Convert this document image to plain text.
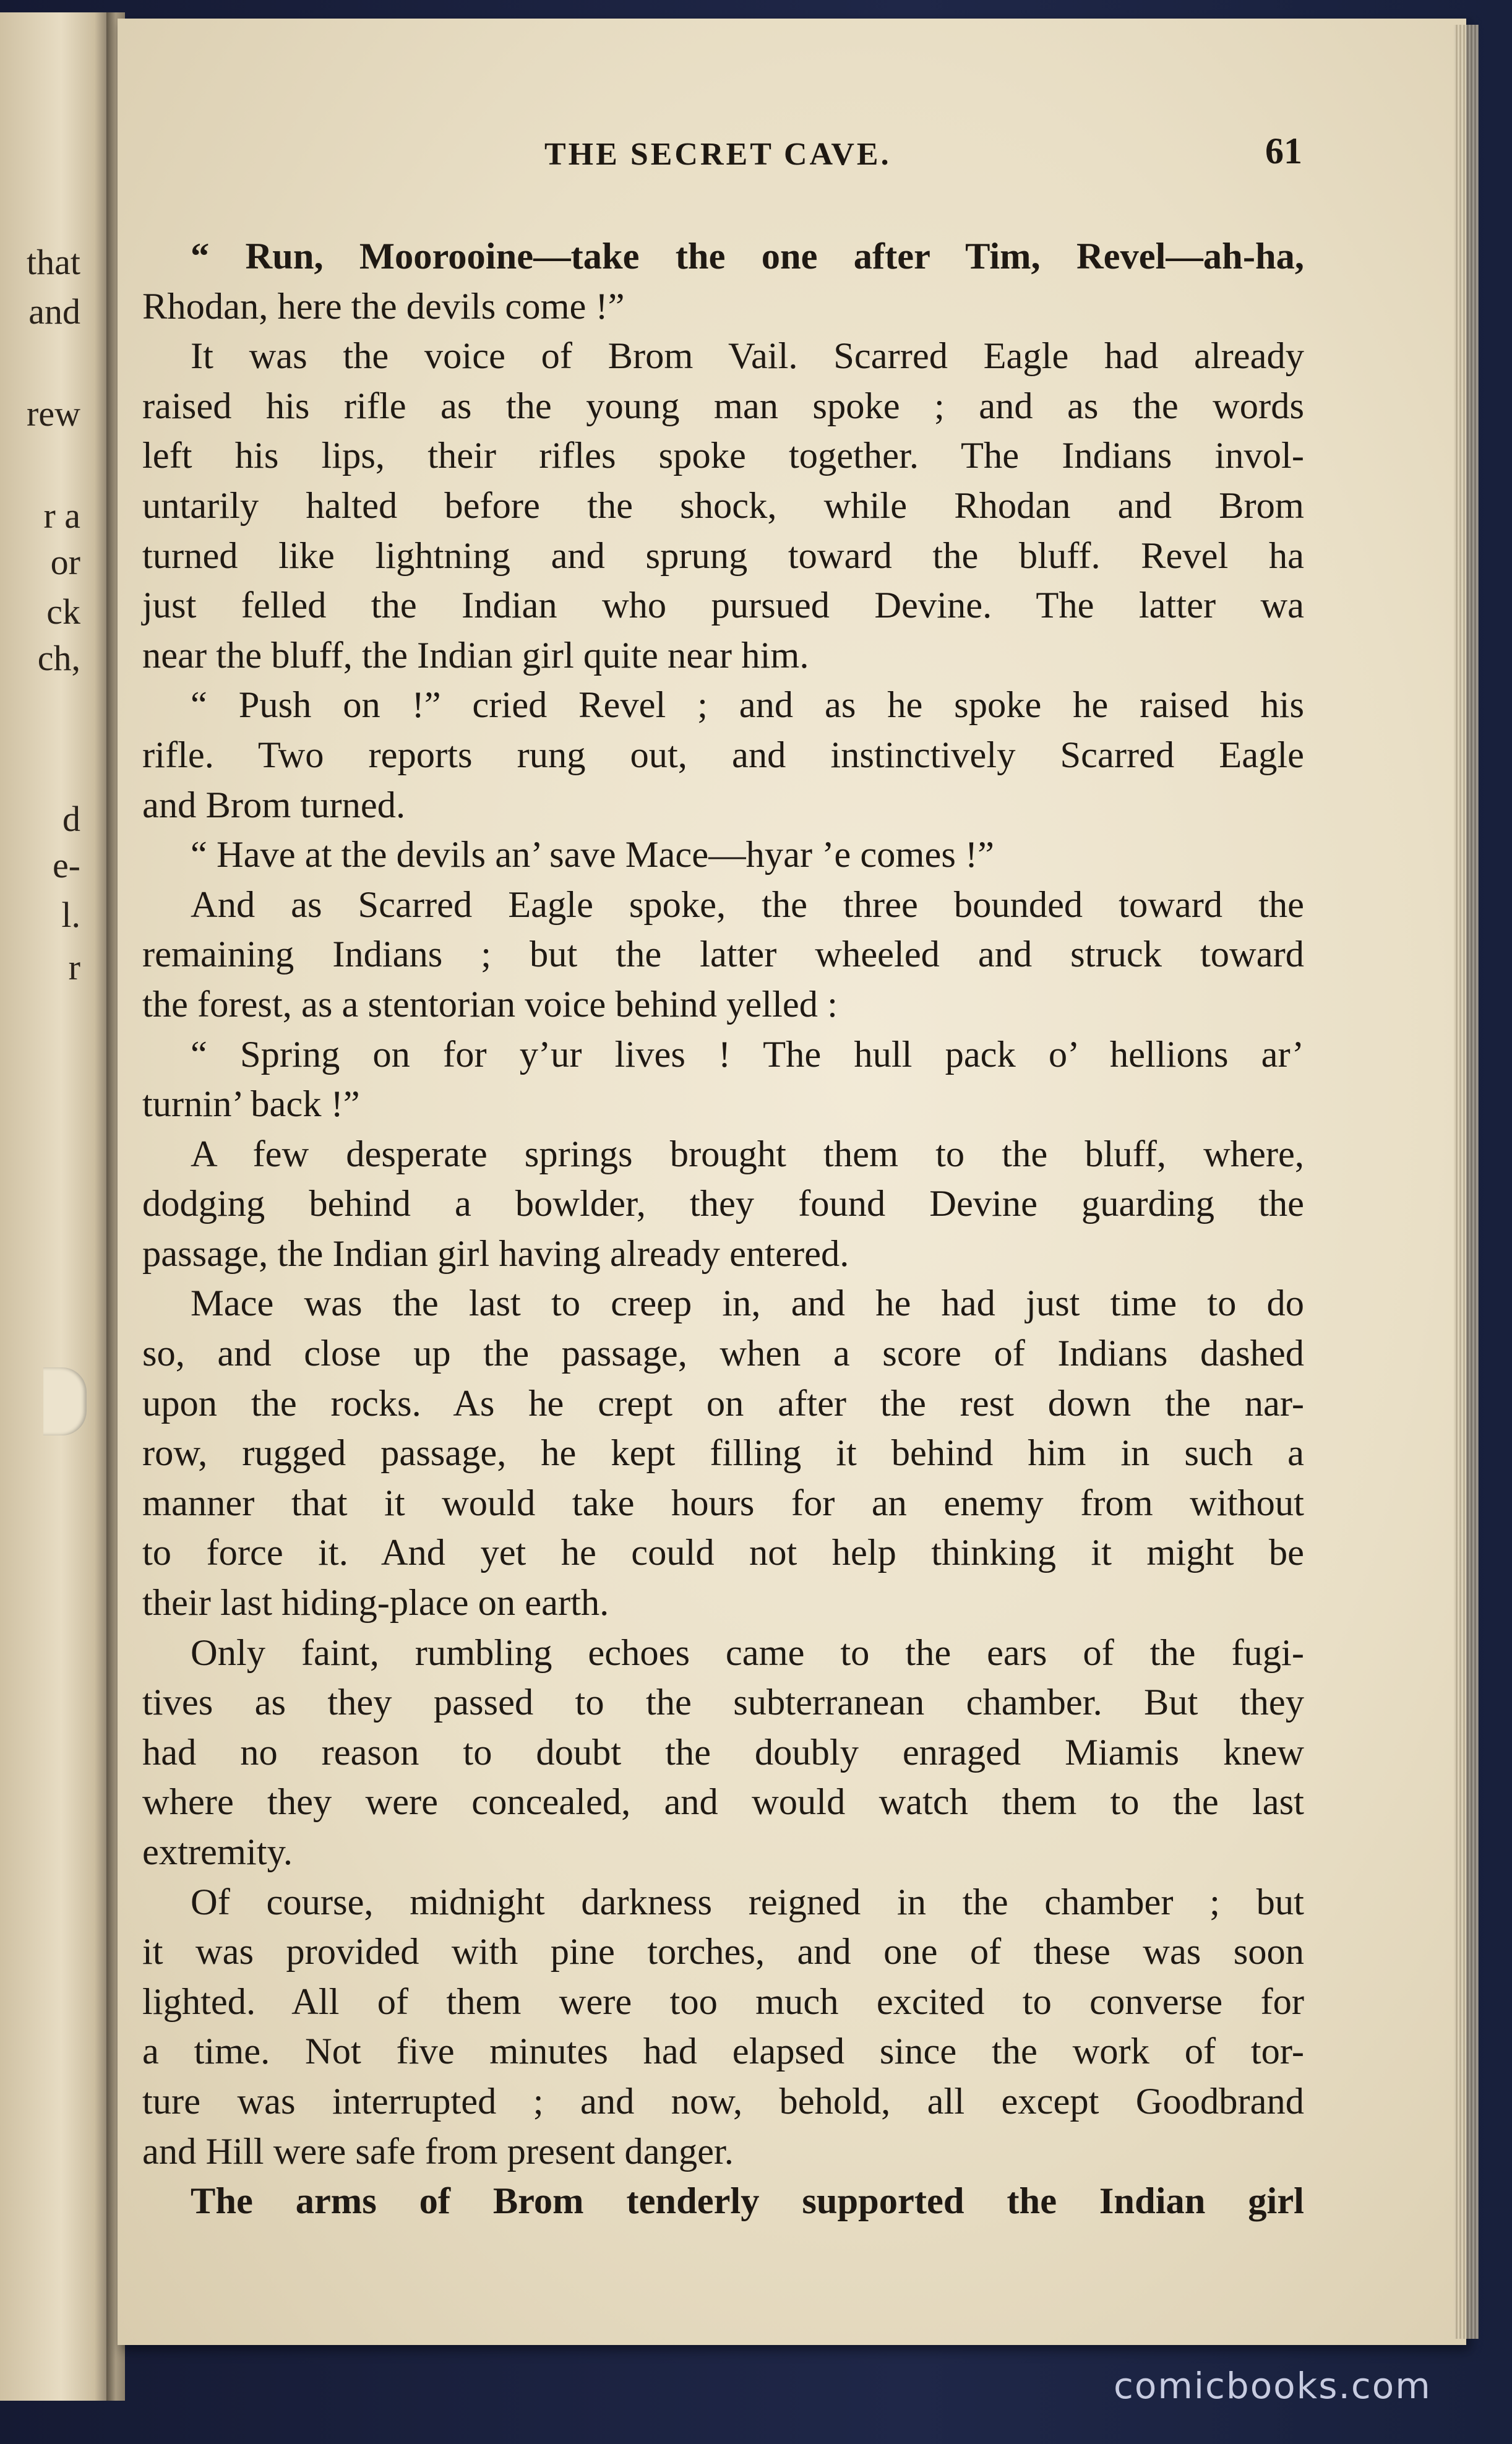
that
and
rew
r a
or
ck
ch,
d
e-
l.
r
THE SECRET CAVE.	61
“ Run, Moorooine—take the one after Tim, Revel—ah-ha,
Rhodan, here the devils come !”
It was the voice of Brom Vail. Scarred Eagle had already
raised his rifle as the young man spoke ; and as the words
left his lips, their rifles spoke together. The Indians invol-
untarily halted before the shock, while Rhodan and Brom
turned like lightning and sprung toward the bluff. Revel ha
just felled the Indian who pursued Devine. The latter wa
near the bluff, the Indian girl quite near him.
“ Push on !” cried Revel ; and as he spoke he raised his
rifle. Two reports rung out, and instinctively Scarred Eagle
and Brom turned.
“ Have at the devils an’ save Mace—hyar ’e comes !”
And as Scarred Eagle spoke, the three bounded toward the
remaining Indians ; but the latter wheeled and struck toward
the forest, as a stentorian voice behind yelled :
“ Spring on for y’ur lives ! The hull pack o’ hellions ar’
turnin’ back !”
A few desperate springs brought them to the bluff, where,
dodging behind a bowlder, they found Devine guarding the
passage, the Indian girl having already entered.
Mace was the last to creep in, and he had just time to do
so, and close up the passage, when a score of Indians dashed
upon the rocks. As he crept on after the rest down the nar-
row, rugged passage, he kept filling it behind him in such a
manner that it would take hours for an enemy from without
to force it. And yet he could not help thinking it might be
their last hiding-place on earth.
Only faint, rumbling echoes came to the ears of the fugi-
tives as they passed to the subterranean chamber. But they
had no reason to doubt the doubly enraged Miamis knew
where they were concealed, and would watch them to the last
extremity.
Of course, midnight darkness reigned in the chamber ; but
it was provided with pine torches, and one of these was soon
lighted. All of them were too much excited to converse for
a time. Not five minutes had elapsed since the work of tor-
ture was interrupted ; and now, behold, all except Goodbrand
and Hill were safe from present danger.
The arms of Brom tenderly supported the Indian girl
comicbooks.com
